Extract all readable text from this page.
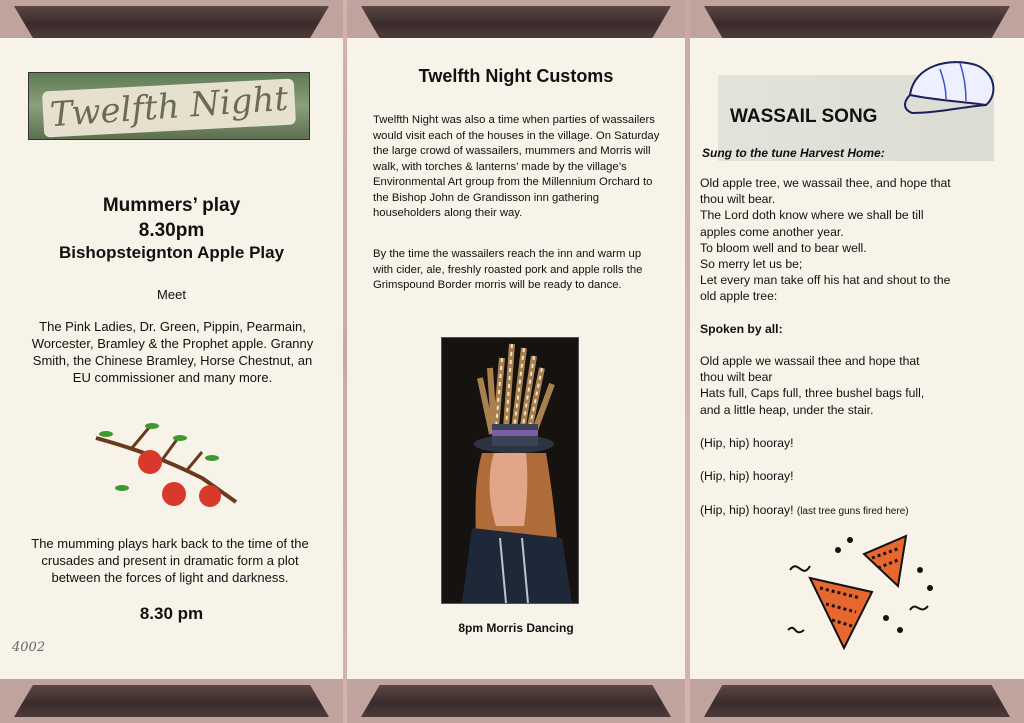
Twelfth Night
Mummers’ play
8.30pm
Bishopsteignton Apple Play
Meet
The Pink Ladies, Dr. Green, Pippin, Pearmain, Worcester, Bramley & the Prophet apple. Granny Smith, the Chinese Bramley, Horse Chestnut, an EU commissioner and many more.
The mumming plays hark back to the time of the crusades and present in dramatic form a plot between the forces of light and darkness.
8.30 pm
4002
Twelfth Night Customs
Twelfth Night was also a time when parties of wassailers would visit each of the houses in the village. On Saturday the large crowd of wassailers, mummers and Morris will walk, with torches & lanterns’ made by the village’s Environmental Art group from the Millennium Orchard to the Bishop John de Grandisson inn gathering householders along their way.
By the time the wassailers reach the inn and warm up with cider, ale, freshly roasted pork and apple rolls the Grimspound Border morris will be ready to dance.
8pm Morris Dancing
WASSAIL SONG
Sung to the tune Harvest Home:
Old apple tree, we wassail thee, and hope that
thou wilt bear.
The Lord doth know where we shall be till
apples come another year.
To bloom well and to bear well.
So merry let us be;
Let every man take off his hat and shout to the
old apple tree:
Spoken by all:
Old apple we wassail thee and hope that
thou wilt bear
Hats full, Caps full, three bushel bags full,
and a little heap, under the stair.
(Hip, hip) hooray!
(Hip, hip) hooray!
(Hip, hip) hooray! (last tree guns fired here)
